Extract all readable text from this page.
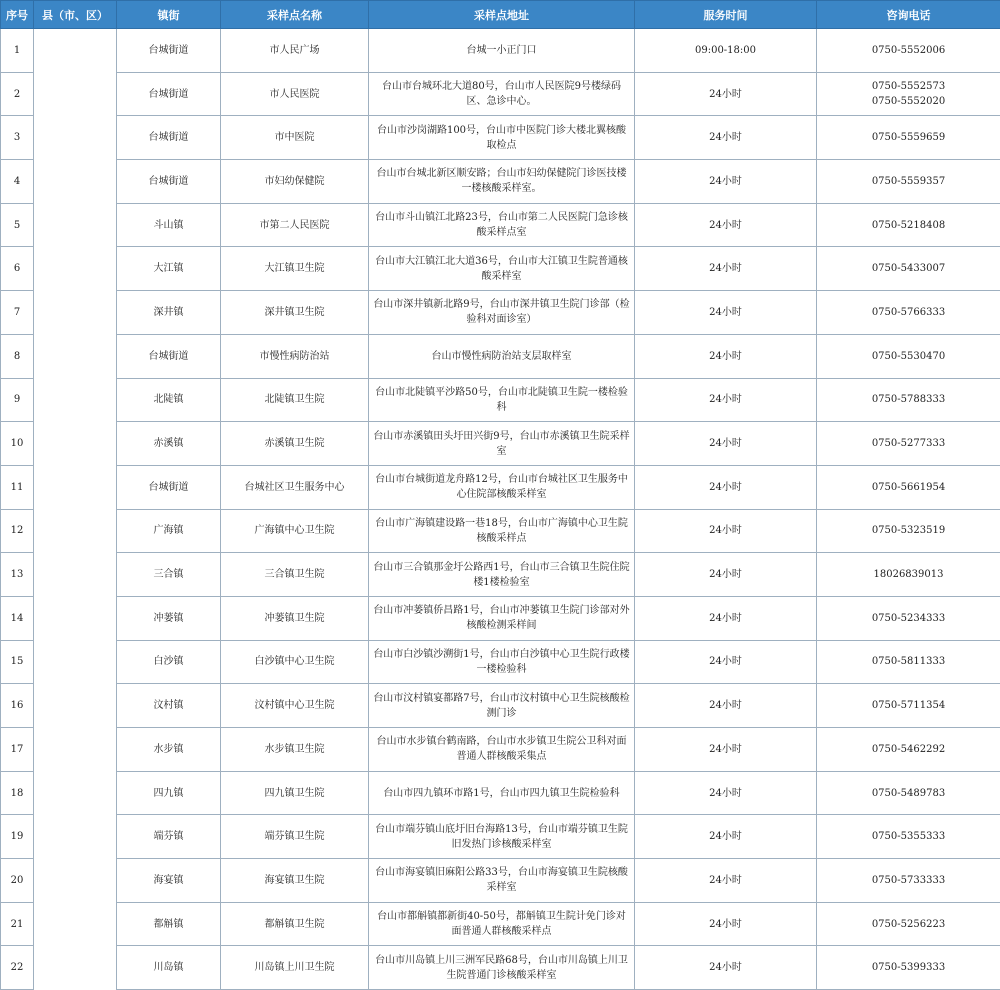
序号	县（市、区）	镇街	采样点名称	采样点地址	服务时间	咨询电话
1		台城街道	市人民广场	台城一小正门口	09:00-18:00	0750-5552006
2		台城街道	市人民医院	台山市台城环北大道80号，台山市人民医院9号楼绿码区、急诊中心。	24小时	0750-5552573
0750-5552020
3		台城街道	市中医院	台山市沙岗湖路100号，台山市中医院门诊大楼北翼核酸取检点	24小时	0750-5559659
4		台城街道	市妇幼保健院	台山市台城北新区顺安路；台山市妇幼保健院门诊医技楼一楼核酸采样室。	24小时	0750-5559357
5		斗山镇	市第二人民医院	台山市斗山镇江北路23号，台山市第二人民医院门急诊核酸采样点室	24小时	0750-5218408
6		大江镇	大江镇卫生院	台山市大江镇江北大道36号，台山市大江镇卫生院普通核酸采样室	24小时	0750-5433007
7		深井镇	深井镇卫生院	台山市深井镇新北路9号，台山市深井镇卫生院门诊部（检验科对面诊室）	24小时	0750-5766333
8		台城街道	市慢性病防治站	台山市慢性病防治站支层取样室	24小时	0750-5530470
9		北陡镇	北陡镇卫生院	台山市北陡镇平沙路50号，台山市北陡镇卫生院一楼检验科	24小时	0750-5788333
10		赤溪镇	赤溪镇卫生院	台山市赤溪镇田头圩田兴街9号，台山市赤溪镇卫生院采样室	24小时	0750-5277333
11		台城街道	台城社区卫生服务中心	台山市台城街道龙舟路12号，台山市台城社区卫生服务中心住院部核酸采样室	24小时	0750-5661954
12		广海镇	广海镇中心卫生院	台山市广海镇建设路一巷18号，台山市广海镇中心卫生院核酸采样点	24小时	0750-5323519
13		三合镇	三合镇卫生院	台山市三合镇那金圩公路西1号，台山市三合镇卫生院住院楼1楼检验室	24小时	18026839013
14		冲蒌镇	冲蒌镇卫生院	台山市冲蒌镇侨昌路1号，台山市冲蒌镇卫生院门诊部对外核酸检测采样间	24小时	0750-5234333
15		白沙镇	白沙镇中心卫生院	台山市白沙镇沙溯街1号，台山市白沙镇中心卫生院行政楼一楼检验科	24小时	0750-5811333
16		汶村镇	汶村镇中心卫生院	台山市汶村镇宴都路7号，台山市汶村镇中心卫生院核酸检测门诊	24小时	0750-5711354
17		水步镇	水步镇卫生院	台山市水步镇台鹤南路，台山市水步镇卫生院公卫科对面普通人群核酸采集点	24小时	0750-5462292
18		四九镇	四九镇卫生院	台山市四九镇环市路1号，台山市四九镇卫生院检验科	24小时	0750-5489783
19		端芬镇	端芬镇卫生院	台山市端芬镇山底圩旧台海路13号，台山市端芬镇卫生院旧发热门诊核酸采样室	24小时	0750-5355333
20		海宴镇	海宴镇卫生院	台山市海宴镇旧麻阳公路33号，台山市海宴镇卫生院核酸采样室	24小时	0750-5733333
21		都斛镇	都斛镇卫生院	台山市都斛镇都新街40-50号，都斛镇卫生院计免门诊对面普通人群核酸采样点	24小时	0750-5256223
22		川岛镇	川岛镇上川卫生院	台山市川岛镇上川三洲军民路68号，台山市川岛镇上川卫生院普通门诊核酸采样室	24小时	0750-5399333
